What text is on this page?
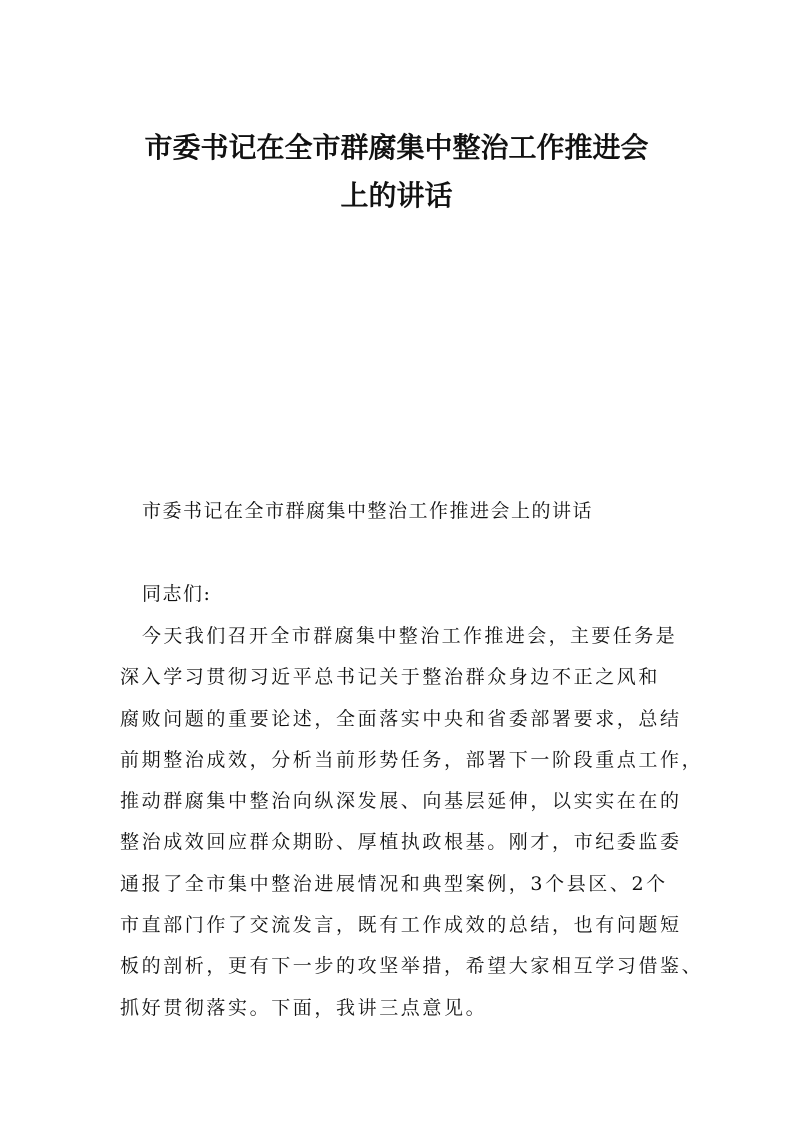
市委书记在全市群腐集中整治工作推进会
上的讲话
市委书记在全市群腐集中整治工作推进会上的讲话
同志们:
今天我们召开全市群腐集中整治工作推进会，主要任务是
深入学习贯彻习近平总书记关于整治群众身边不正之风和
腐败问题的重要论述，全面落实中央和省委部署要求，总结
前期整治成效，分析当前形势任务，部署下一阶段重点工作，
推动群腐集中整治向纵深发展、向基层延伸，以实实在在的
整治成效回应群众期盼、厚植执政根基。刚才，市纪委监委
通报了全市集中整治进展情况和典型案例，3个县区、2个
市直部门作了交流发言，既有工作成效的总结，也有问题短
板的剖析，更有下一步的攻坚举措，希望大家相互学习借鉴、
抓好贯彻落实。下面，我讲三点意见。
